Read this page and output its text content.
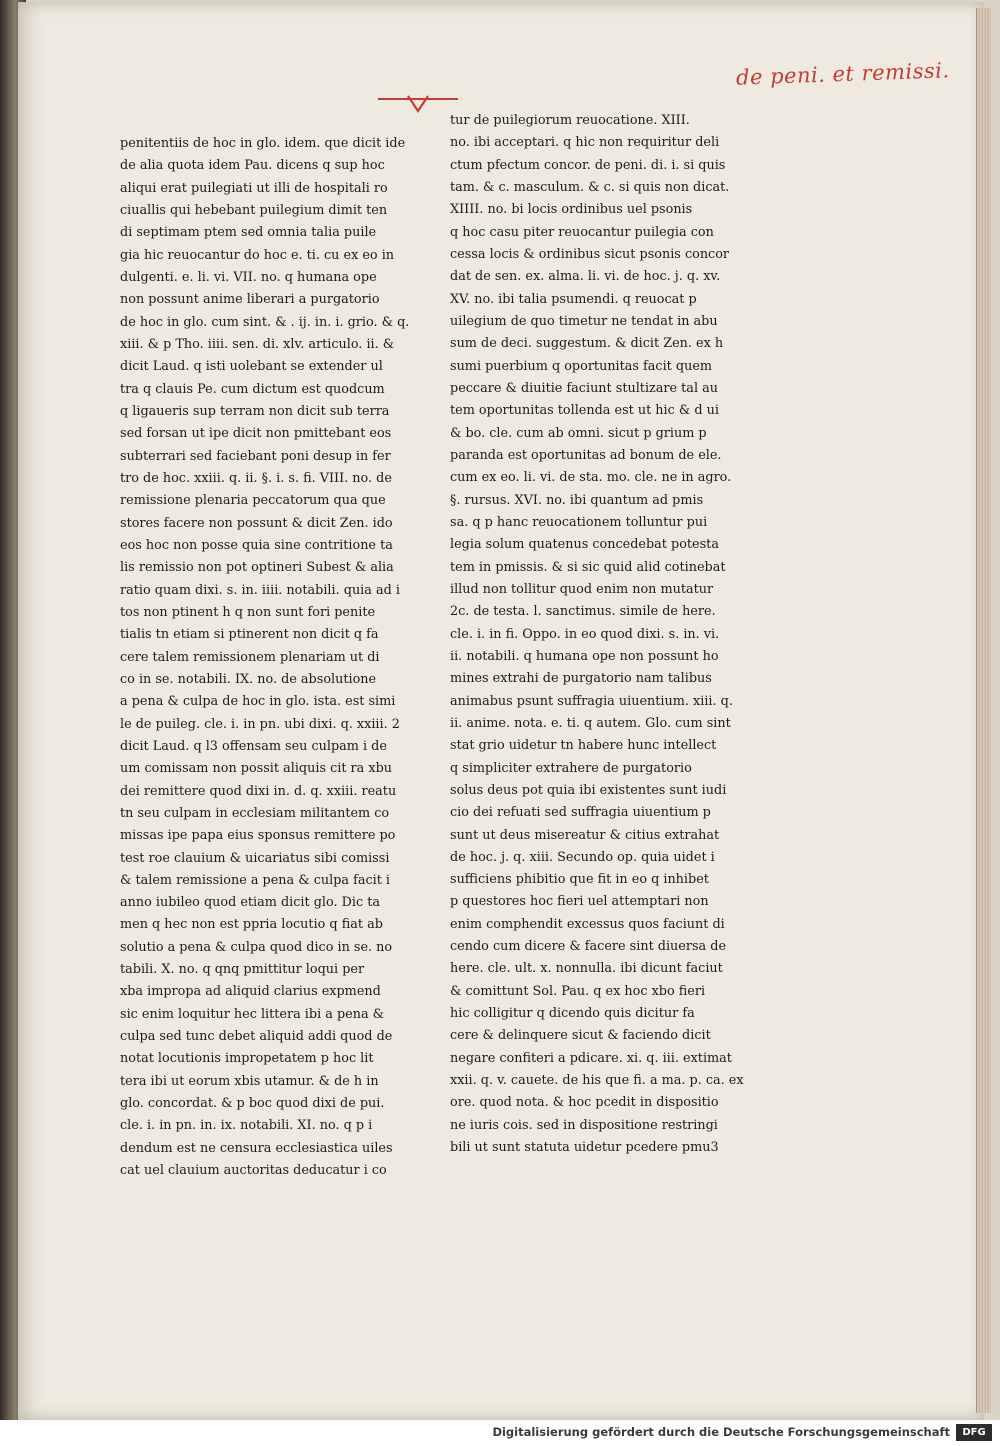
de peni. et remissi.

penitentiis de hoc in glo. idem. que dicit ide
de alia quota idem Pau. dicens q sup hoc
aliqui erat puilegiati ut illi de hospitali ro
ciuallis qui hebebant puilegium dimit ten
di septimam ptem sed omnia talia puile
gia hic reuocantur do hoc e. ti. cu ex eo in
dulgenti. e. li. vi. VII. no. q humana ope
non possunt anime liberari a purgatorio
de hoc in glo. cum sint. & . ij. in. i. grio. & q.
xiii. & p Tho. iiii. sen. di. xlv. articulo. ii. &
dicit Laud. q isti uolebant se extender ul
tra q clauis Pe. cum dictum est quodcum
q ligaueris sup terram non dicit sub terra
sed forsan ut ipe dicit non pmittebant eos
subterrari sed faciebant poni desup in fer
tro de hoc. xxiii. q. ii. §. i. s. fi. VIII. no. de
remissione plenaria peccatorum qua que
stores facere non possunt & dicit Zen. ido
eos hoc non posse quia sine contritione ta
lis remissio non pot optineri Subest & alia
ratio quam dixi. s. in. iiii. notabili. quia ad i
tos non ptinent h q non sunt fori penite
tialis tn etiam si ptinerent non dicit q fa
cere talem remissionem plenariam ut di
co in se. notabili. IX. no. de absolutione
a pena & culpa de hoc in glo. ista. est simi
le de puileg. cle. i. in pn. ubi dixi. q. xxiii. 2
dicit Laud. q l3 offensam seu culpam i de
um comissam non possit aliquis cit ra xbu
dei remittere quod dixi in. d. q. xxiii. reatu
tn seu culpam in ecclesiam militantem co
missas ipe papa eius sponsus remittere po
test roe clauium & uicariatus sibi comissi
& talem remissione a pena & culpa facit i
anno iubileo quod etiam dicit glo. Dic ta
men q hec non est ppria locutio q fiat ab
solutio a pena & culpa quod dico in se. no
tabili. X. no. q qnq pmittitur loqui per
xba impropa ad aliquid clarius expmend
sic enim loquitur hec littera ibi a pena &
culpa sed tunc debet aliquid addi quod de
notat locutionis impropetatem p hoc lit
tera ibi ut eorum xbis utamur. & de h in
glo. concordat. & p boc quod dixi de pui.
cle. i. in pn. in. ix. notabili. XI. no. q p i
dendum est ne censura ecclesiastica uiles
cat uel clauium auctoritas deducatur i co
tur de puilegiorum reuocatione. XIII.
no. ibi acceptari. q hic non requiritur deli
ctum pfectum concor. de peni. di. i. si quis
tam. & c. masculum. & c. si quis non dicat.
XIIII. no. bi locis ordinibus uel psonis
q hoc casu piter reuocantur puilegia con
cessa locis & ordinibus sicut psonis concor
dat de sen. ex. alma. li. vi. de hoc. j. q. xv.
XV. no. ibi talia psumendi. q reuocat p
uilegium de quo timetur ne tendat in abu
sum de deci. suggestum. & dicit Zen. ex h
sumi puerbium q oportunitas facit quem
peccare & diuitie faciunt stultizare tal au
tem oportunitas tollenda est ut hic & d ui
& bo. cle. cum ab omni. sicut p grium p
paranda est oportunitas ad bonum de ele.
cum ex eo. li. vi. de sta. mo. cle. ne in agro.
§. rursus. XVI. no. ibi quantum ad pmis
sa. q p hanc reuocationem tolluntur pui
legia solum quatenus concedebat potesta
tem in pmissis. & si sic quid alid cotinebat
illud non tollitur quod enim non mutatur
2c. de testa. l. sanctimus. simile de here.
cle. i. in fi. Oppo. in eo quod dixi. s. in. vi.
ii. notabili. q humana ope non possunt ho
mines extrahi de purgatorio nam talibus
animabus psunt suffragia uiuentium. xiii. q.
ii. anime. nota. e. ti. q autem. Glo. cum sint
stat grio uidetur tn habere hunc intellect
q simpliciter extrahere de purgatorio
solus deus pot quia ibi existentes sunt iudi
cio dei refuati sed suffragia uiuentium p
sunt ut deus misereatur & citius extrahat
de hoc. j. q. xiii. Secundo op. quia uidet i
sufficiens phibitio que fit in eo q inhibet
p questores hoc fieri uel attemptari non
enim comphendit excessus quos faciunt di
cendo cum dicere & facere sint diuersa de
here. cle. ult. x. nonnulla. ibi dicunt faciut
& comittunt Sol. Pau. q ex hoc xbo fieri
hic colligitur q dicendo quis dicitur fa
cere & delinquere sicut & faciendo dicit
negare confiteri a pdicare. xi. q. iii. extimat
xxii. q. v. cauete. de his que fi. a ma. p. ca. ex
ore. quod nota. & hoc pcedit in dispositio
ne iuris cois. sed in dispositione restringi
bili ut sunt statuta uidetur pcedere pmu3

Digitalisierung gefördert durch die Deutsche Forschungsgemeinschaft	DFG
